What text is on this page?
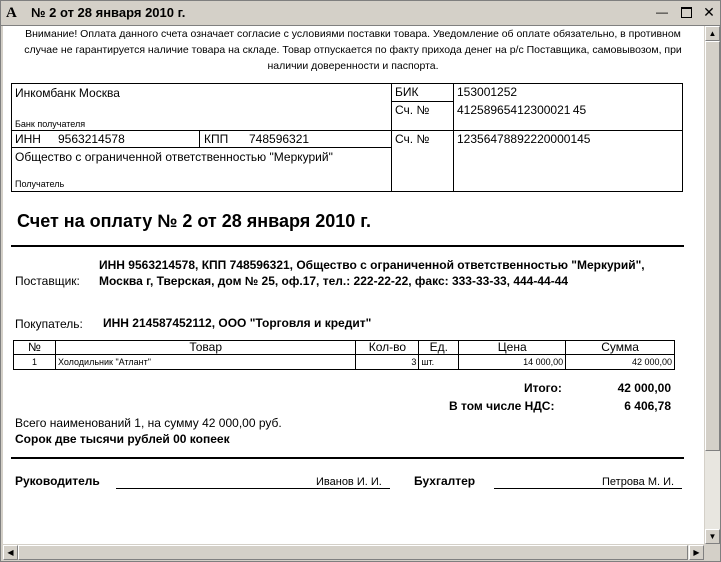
A	№ 2 от 28 января 2010 г.	—	✕
Внимание! Оплата данного счета означает согласие с условиями поставки товара. Уведомление об оплате обязательно, в противном случае не гарантируется наличие товара на складе. Товар отпускается по факту прихода денег на р/с Поставщика, самовывозом, при наличии доверенности и паспорта.
Инкомбанк Москва
Банк получателя
БИК	153001252
Сч. № 41258965412300021 45
ИНН 9563214578	КПП 748596321	Сч. № 12356478892220000145
Общество с ограниченной ответственностью "Меркурий"
Получатель
Счет на оплату № 2 от 28 января 2010 г.
Поставщик:
ИНН 9563214578, КПП 748596321, Общество с ограниченной ответственностью "Меркурий", Москва г, Тверская, дом № 25, оф.17, тел.: 222-22-22, факс: 333-33-33, 444-44-44
Покупатель: ИНН 214587452112, ООО "Торговля и кредит"
№	Товар	Кол-во	Ед.	Цена	Сумма
1	Холодильник "Атлант"	3	шт.	14 000,00	42 000,00
Итого:	42 000,00
В том числе НДС:	6 406,78
Всего наименований 1, на сумму 42 000,00 руб.
Сорок две тысячи рублей 00 копеек
Руководитель	Иванов И. И.	Бухгалтер	Петрова М. И.
▲
▼
◀	▶
